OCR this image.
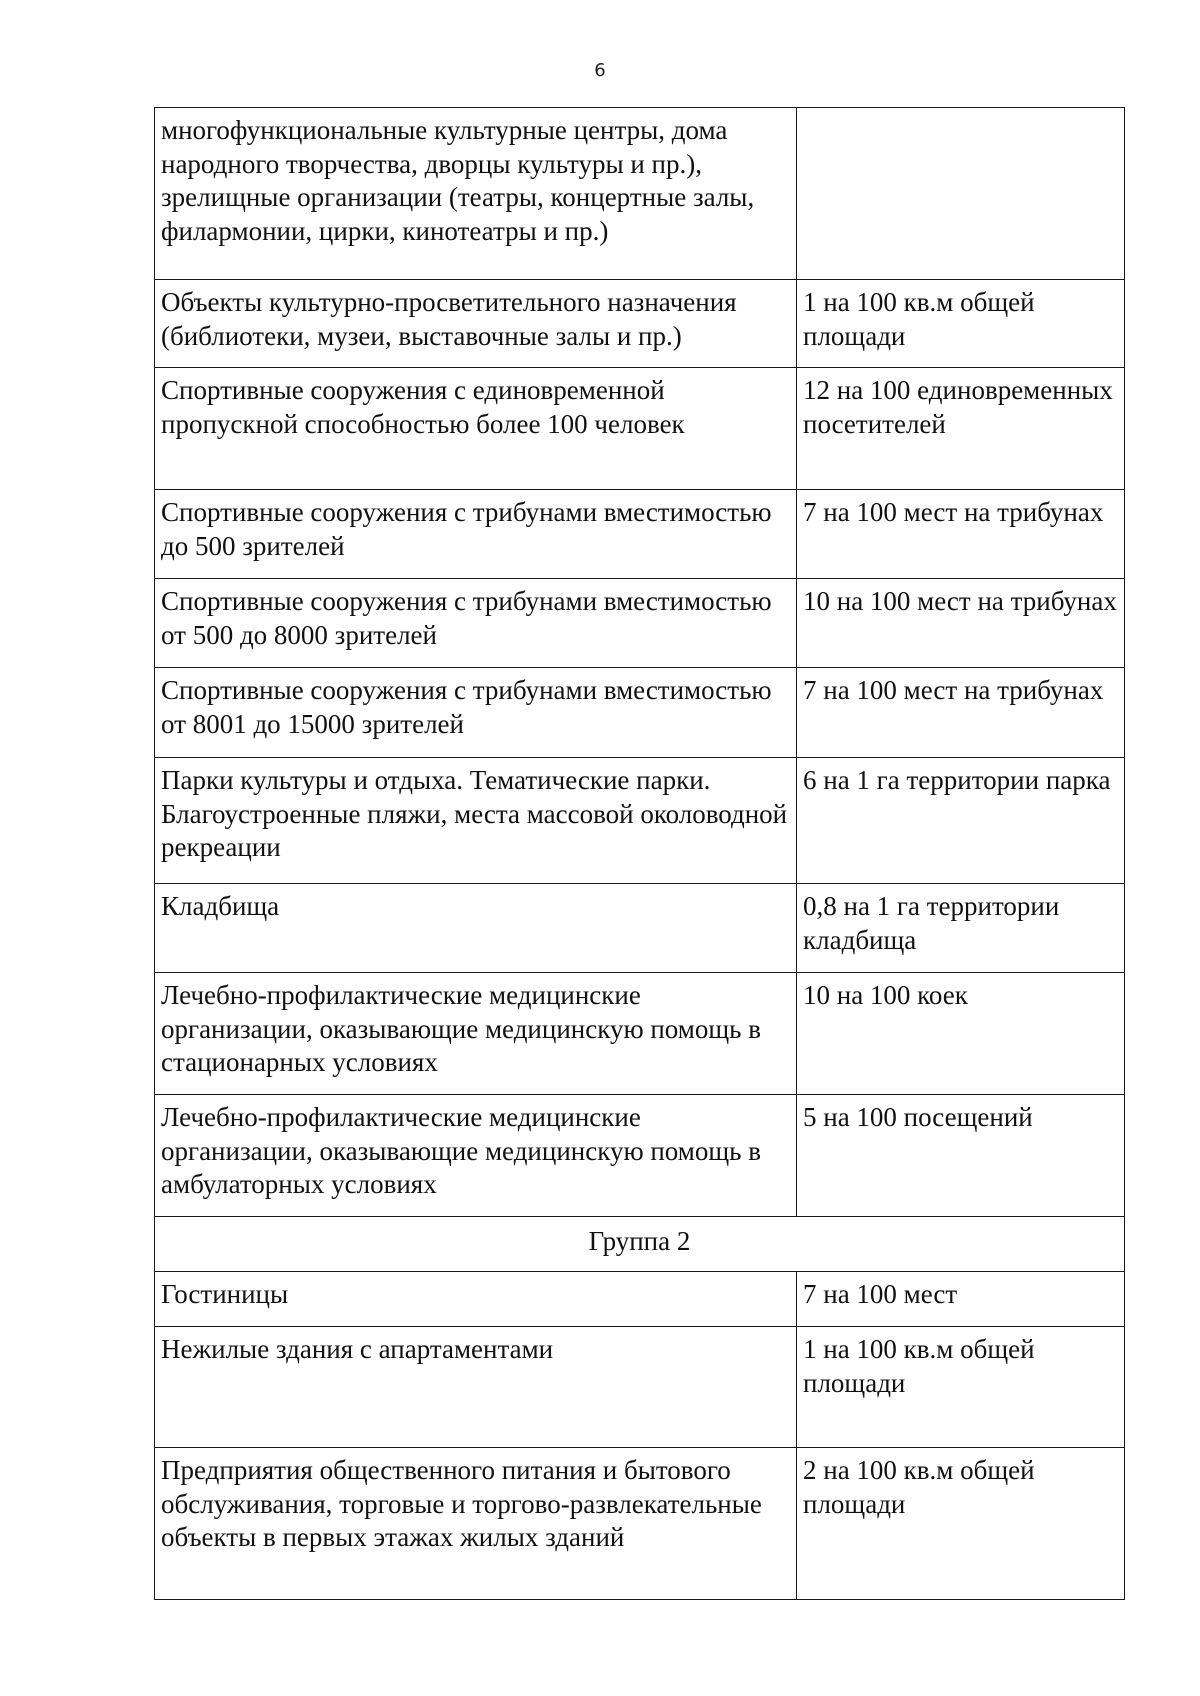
6
многофункциональные культурные центры, дома народного творчества, дворцы культуры и пр.), зрелищные организации (театры, концертные залы, филармонии, цирки, кинотеатры и пр.)	
Объекты культурно-просветительного назначения (библиотеки, музеи, выставочные залы и пр.)	1 на 100 кв.м общей площади
Спортивные сооружения с единовременной пропускной способностью более 100 человек	12 на 100 единовременных посетителей
Спортивные сооружения с трибунами вместимостью до 500 зрителей	7 на 100 мест на трибунах
Спортивные сооружения с трибунами вместимостью от 500 до 8000 зрителей	10 на 100 мест на трибунах
Спортивные сооружения с трибунами вместимостью от 8001 до 15000 зрителей	7 на 100 мест на трибунах
Парки культуры и отдыха. Тематические парки. Благоустроенные пляжи, места массовой околоводной рекреации	6 на 1 га территории парка
Кладбища	0,8 на 1 га территории кладбища
Лечебно-профилактические медицинские организации, оказывающие медицинскую помощь в стационарных условиях	10 на 100 коек
Лечебно-профилактические медицинские организации, оказывающие медицинскую помощь в амбулаторных условиях	5 на 100 посещений
Группа 2	
Гостиницы	7 на 100 мест
Нежилые здания с апартаментами	1 на 100 кв.м общей площади
Предприятия общественного питания и бытового обслуживания, торговые и торгово-развлекательные объекты в первых этажах жилых зданий	2 на 100 кв.м общей площади
